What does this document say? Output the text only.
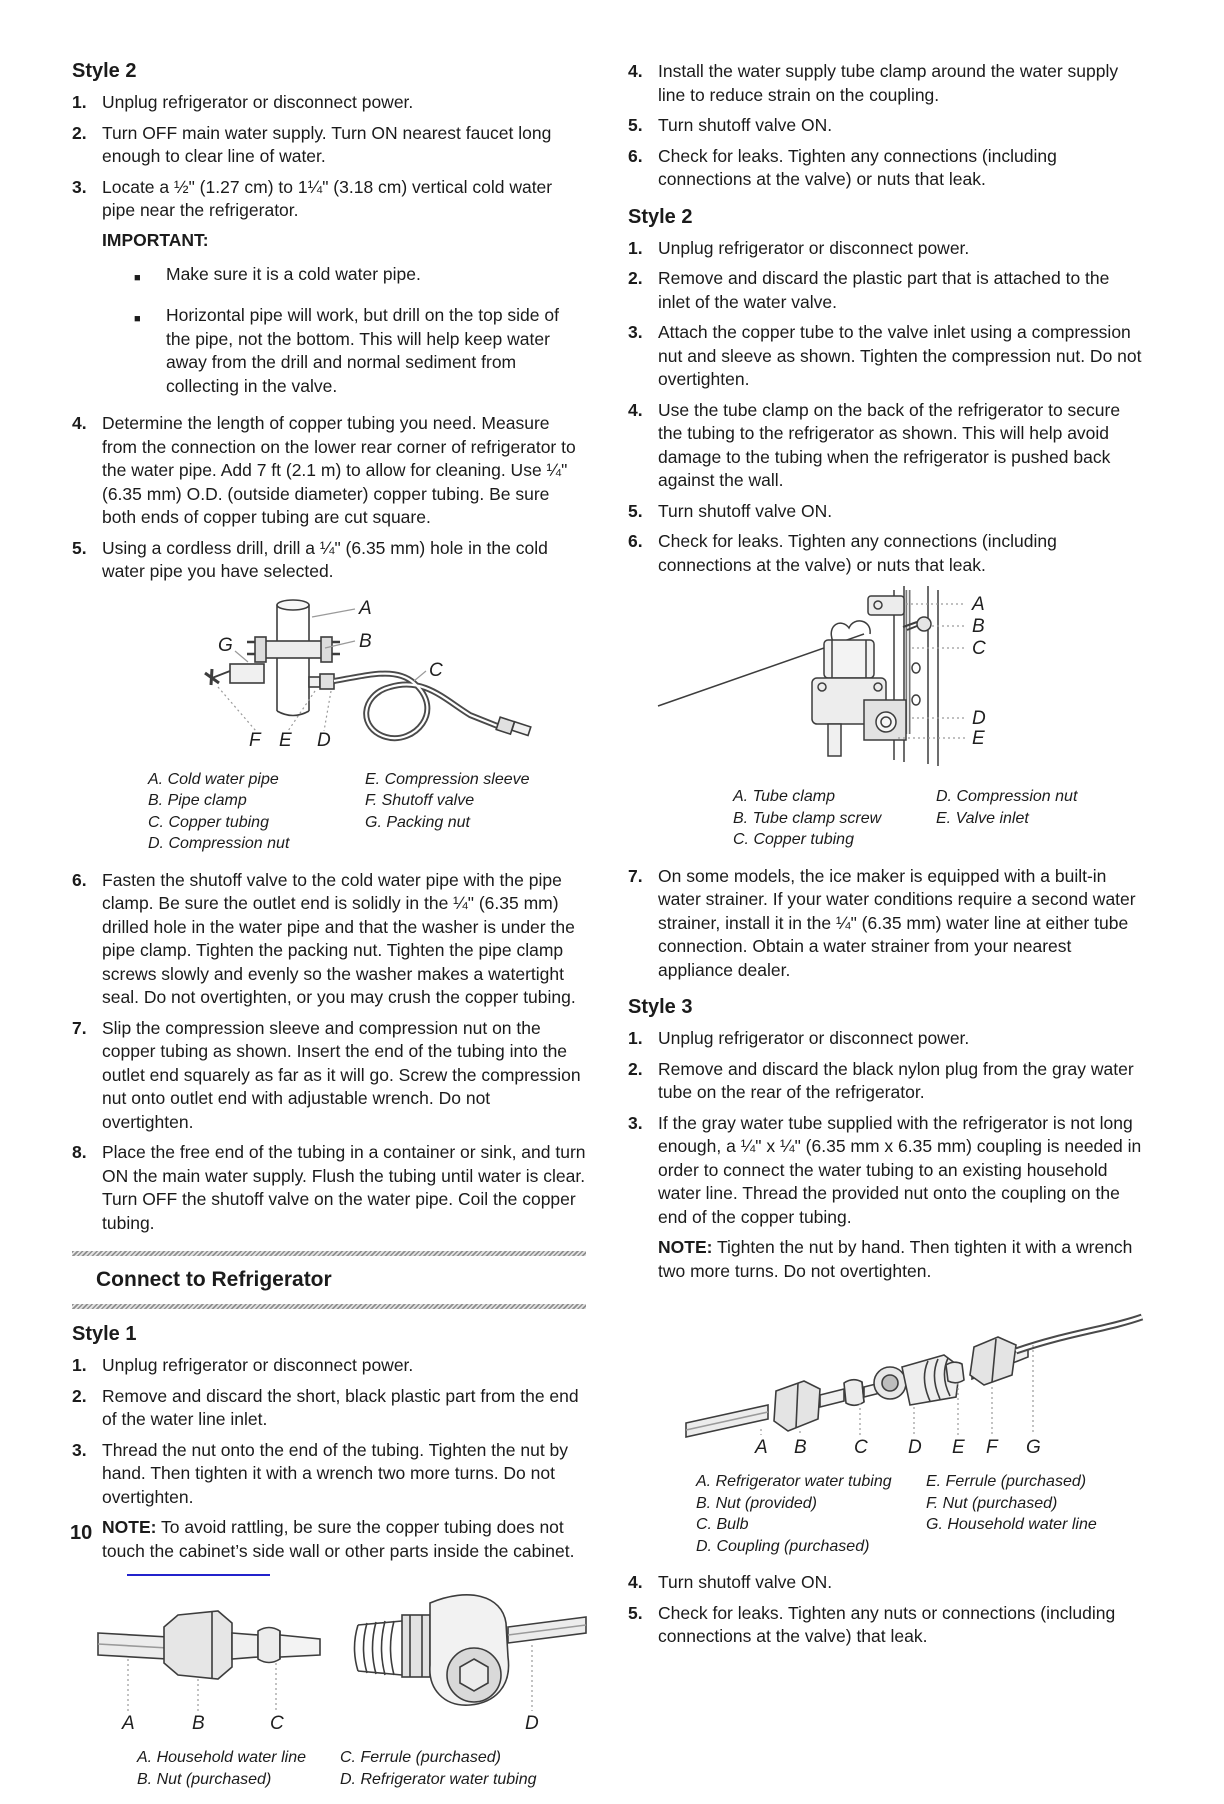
Style 2
1. Unplug refrigerator or disconnect power.
2. Turn OFF main water supply. Turn ON nearest faucet long enough to clear line of water.
3. Locate a ½" (1.27 cm) to 1¼" (3.18 cm) vertical cold water pipe near the refrigerator.
IMPORTANT:
■	Make sure it is a cold water pipe.
■	Horizontal pipe will work, but drill on the top side of the pipe, not the bottom. This will help keep water away from the drill and normal sediment from collecting in the valve.
4. Determine the length of copper tubing you need. Measure from the connection on the lower rear corner of refrigerator to the water pipe. Add 7 ft (2.1 m) to allow for cleaning. Use ¼" (6.35 mm) O.D. (outside diameter) copper tubing. Be sure both ends of copper tubing are cut square.
5. Using a cordless drill, drill a ¼" (6.35 mm) hole in the cold water pipe you have selected.
A
B
C
G
F E D
A. Cold water pipe
B. Pipe clamp
C. Copper tubing
D. Compression nut
E. Compression sleeve
F. Shutoff valve
G. Packing nut
6. Fasten the shutoff valve to the cold water pipe with the pipe clamp. Be sure the outlet end is solidly in the ¼" (6.35 mm) drilled hole in the water pipe and that the washer is under the pipe clamp. Tighten the packing nut. Tighten the pipe clamp screws slowly and evenly so the washer makes a watertight seal. Do not overtighten, or you may crush the copper tubing.
7. Slip the compression sleeve and compression nut on the copper tubing as shown. Insert the end of the tubing into the outlet end squarely as far as it will go. Screw the compression nut onto outlet end with adjustable wrench. Do not overtighten.
8. Place the free end of the tubing in a container or sink, and turn ON the main water supply. Flush the tubing until water is clear. Turn OFF the shutoff valve on the water pipe. Coil the copper tubing.
Connect to Refrigerator
Style 1
1. Unplug refrigerator or disconnect power.
2. Remove and discard the short, black plastic part from the end of the water line inlet.
3. Thread the nut onto the end of the tubing. Tighten the nut by hand. Then tighten it with a wrench two more turns. Do not overtighten.
NOTE: To avoid rattling, be sure the copper tubing does not touch the cabinet’s side wall or other parts inside the cabinet.
A	B	C	D
A. Household water line
B. Nut (purchased)
C. Ferrule (purchased)
D. Refrigerator water tubing
4. Install the water supply tube clamp around the water supply line to reduce strain on the coupling.
5. Turn shutoff valve ON.
6. Check for leaks. Tighten any connections (including connections at the valve) or nuts that leak.
Style 2
1. Unplug refrigerator or disconnect power.
2. Remove and discard the plastic part that is attached to the inlet of the water valve.
3. Attach the copper tube to the valve inlet using a compression nut and sleeve as shown. Tighten the compression nut. Do not overtighten.
4. Use the tube clamp on the back of the refrigerator to secure the tubing to the refrigerator as shown. This will help avoid damage to the tubing when the refrigerator is pushed back against the wall.
5. Turn shutoff valve ON.
6. Check for leaks. Tighten any connections (including connections at the valve) or nuts that leak.
A
B
C
D
E
A. Tube clamp
B. Tube clamp screw
C. Copper tubing
D. Compression nut
E. Valve inlet
7. On some models, the ice maker is equipped with a built-in water strainer. If your water conditions require a second water strainer, install it in the ¼" (6.35 mm) water line at either tube connection. Obtain a water strainer from your nearest appliance dealer.
Style 3
1. Unplug refrigerator or disconnect power.
2. Remove and discard the black nylon plug from the gray water tube on the rear of the refrigerator.
3. If the gray water tube supplied with the refrigerator is not long enough, a ¼" x ¼" (6.35 mm x 6.35 mm) coupling is needed in order to connect the water tubing to an existing household water line. Thread the provided nut onto the coupling on the end of the copper tubing.
NOTE: Tighten the nut by hand. Then tighten it with a wrench two more turns. Do not overtighten.
A B C D E F G
A. Refrigerator water tubing
B. Nut (provided)
C. Bulb
D. Coupling (purchased)
E. Ferrule (purchased)
F. Nut (purchased)
G. Household water line
4. Turn shutoff valve ON.
5. Check for leaks. Tighten any nuts or connections (including connections at the valve) that leak.
10
